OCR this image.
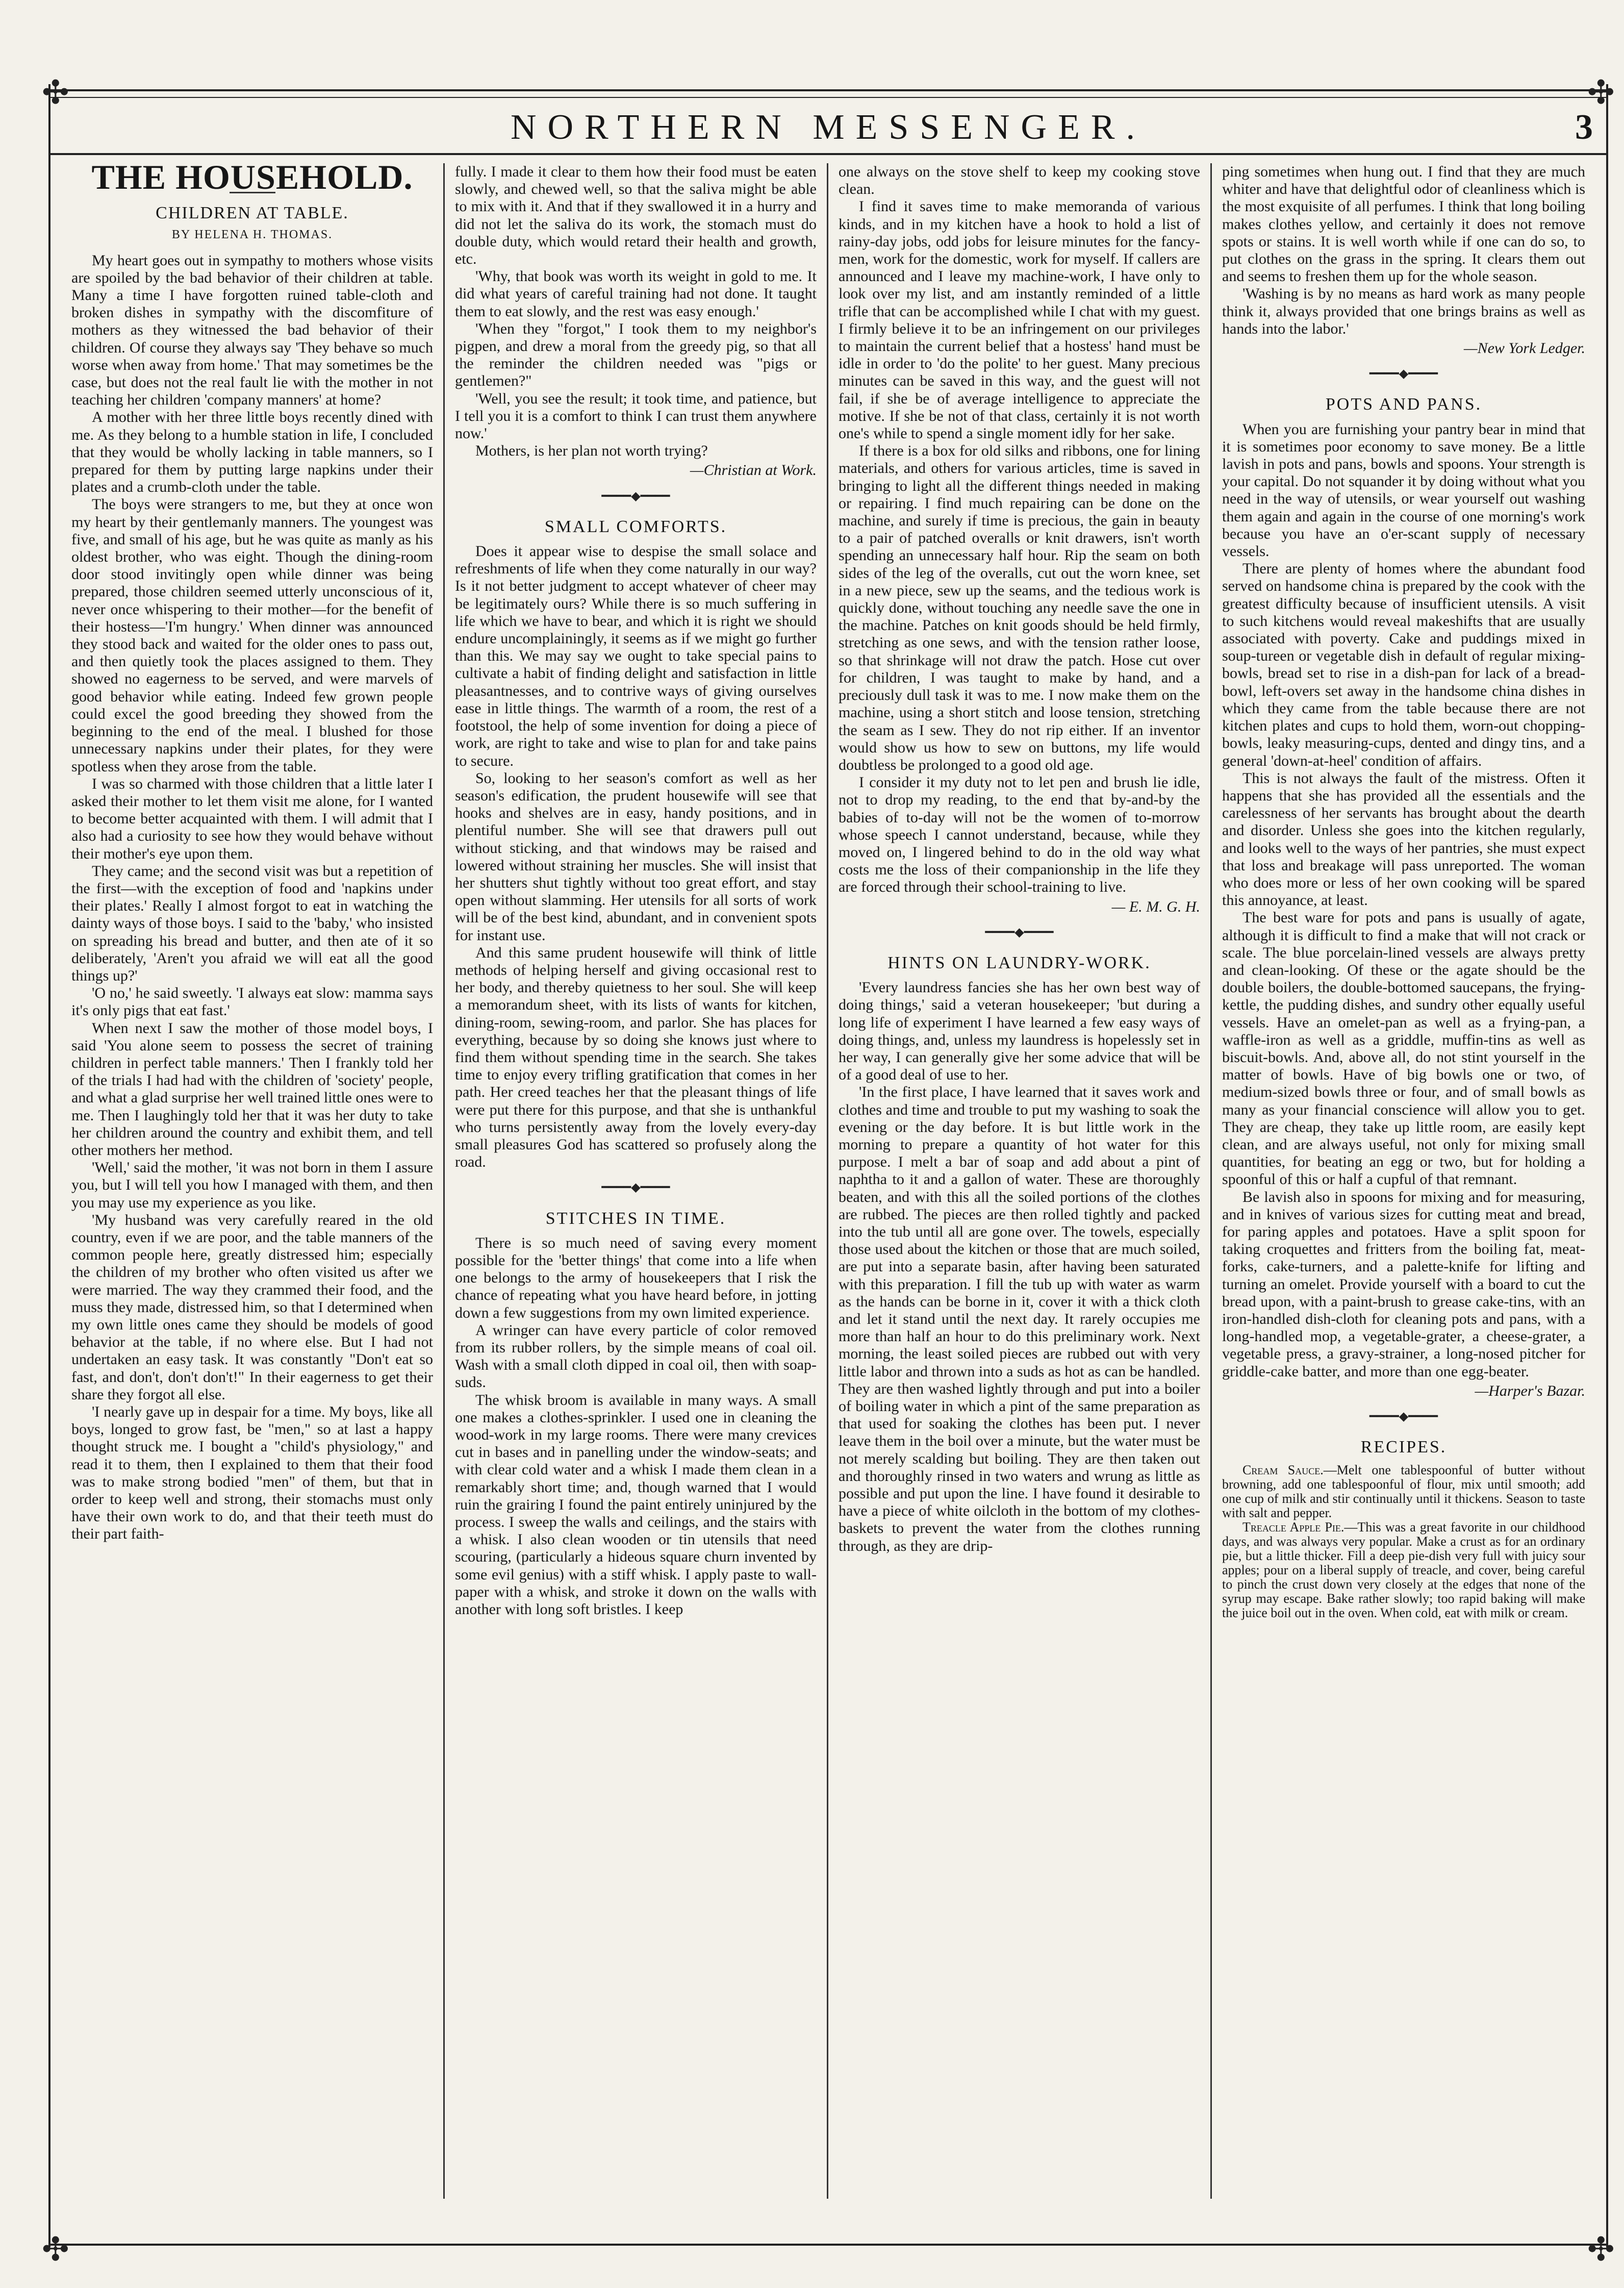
✣	✣
✣	✣
NORTHERN MESSENGER.	3
THE HOUSEHOLD.
CHILDREN AT TABLE.
BY HELENA H. THOMAS.

My heart goes out in sympathy to mothers whose visits are spoiled by the bad behavior of their children at table. Many a time I have forgotten ruined table-cloth and broken dishes in sympathy with the discomfiture of mothers as they witnessed the bad behavior of their children. Of course they always say 'They behave so much worse when away from home.' That may sometimes be the case, but does not the real fault lie with the mother in not teaching her children 'company manners' at home?

A mother with her three little boys recently dined with me. As they belong to a humble station in life, I concluded that they would be wholly lacking in table manners, so I prepared for them by putting large napkins under their plates and a crumb-cloth under the table.

The boys were strangers to me, but they at once won my heart by their gentlemanly manners. The youngest was five, and small of his age, but he was quite as manly as his oldest brother, who was eight. Though the dining-room door stood invitingly open while dinner was being prepared, those children seemed utterly unconscious of it, never once whispering to their mother—for the benefit of their hostess—'I'm hungry.' When dinner was announced they stood back and waited for the older ones to pass out, and then quietly took the places assigned to them. They showed no eagerness to be served, and were marvels of good behavior while eating. Indeed few grown people could excel the good breeding they showed from the beginning to the end of the meal. I blushed for those unnecessary napkins under their plates, for they were spotless when they arose from the table.

I was so charmed with those children that a little later I asked their mother to let them visit me alone, for I wanted to become better acquainted with them. I will admit that I also had a curiosity to see how they would behave without their mother's eye upon them.

They came; and the second visit was but a repetition of the first—with the exception of food and 'napkins under their plates.' Really I almost forgot to eat in watching the dainty ways of those boys. I said to the 'baby,' who insisted on spreading his bread and butter, and then ate of it so deliberately, 'Aren't you afraid we will eat all the good things up?'

'O no,' he said sweetly. 'I always eat slow: mamma says it's only pigs that eat fast.'

When next I saw the mother of those model boys, I said 'You alone seem to possess the secret of training children in perfect table manners.' Then I frankly told her of the trials I had had with the children of 'society' people, and what a glad surprise her well trained little ones were to me. Then I laughingly told her that it was her duty to take her children around the country and exhibit them, and tell other mothers her method.

'Well,' said the mother, 'it was not born in them I assure you, but I will tell you how I managed with them, and then you may use my experience as you like.

'My husband was very carefully reared in the old country, even if we are poor, and the table manners of the common people here, greatly distressed him; especially the children of my brother who often visited us after we were married. The way they crammed their food, and the muss they made, distressed him, so that I determined when my own little ones came they should be models of good behavior at the table, if no where else. But I had not undertaken an easy task. It was constantly "Don't eat so fast, and don't, don't don't!" In their eagerness to get their share they forgot all else.

'I nearly gave up in despair for a time. My boys, like all boys, longed to grow fast, be "men," so at last a happy thought struck me. I bought a "child's physiology," and read it to them, then I explained to them that their food was to make strong bodied "men" of them, but that in order to keep well and strong, their stomachs must only have their own work to do, and that their teeth must do their part faith-

fully. I made it clear to them how their food must be eaten slowly, and chewed well, so that the saliva might be able to mix with it. And that if they swallowed it in a hurry and did not let the saliva do its work, the stomach must do double duty, which would retard their health and growth, etc.

'Why, that book was worth its weight in gold to me. It did what years of careful training had not done. It taught them to eat slowly, and the rest was easy enough.'

'When they "forgot," I took them to my neighbor's pigpen, and drew a moral from the greedy pig, so that all the reminder the children needed was "pigs or gentlemen?"

'Well, you see the result; it took time, and patience, but I tell you it is a comfort to think I can trust them anywhere now.'

Mothers, is her plan not worth trying?

—Christian at Work.
━━━━◆━━━━
SMALL COMFORTS.

Does it appear wise to despise the small solace and refreshments of life when they come naturally in our way? Is it not better judgment to accept whatever of cheer may be legitimately ours? While there is so much suffering in life which we have to bear, and which it is right we should endure uncomplainingly, it seems as if we might go further than this. We may say we ought to take special pains to cultivate a habit of finding delight and satisfaction in little pleasantnesses, and to contrive ways of giving ourselves ease in little things. The warmth of a room, the rest of a footstool, the help of some invention for doing a piece of work, are right to take and wise to plan for and take pains to secure.

So, looking to her season's comfort as well as her season's edification, the prudent housewife will see that hooks and shelves are in easy, handy positions, and in plentiful number. She will see that drawers pull out without sticking, and that windows may be raised and lowered without straining her muscles. She will insist that her shutters shut tightly without too great effort, and stay open without slamming. Her utensils for all sorts of work will be of the best kind, abundant, and in convenient spots for instant use.

And this same prudent housewife will think of little methods of helping herself and giving occasional rest to her body, and thereby quietness to her soul. She will keep a memorandum sheet, with its lists of wants for kitchen, dining-room, sewing-room, and parlor. She has places for everything, because by so doing she knows just where to find them without spending time in the search. She takes time to enjoy every trifling gratification that comes in her path. Her creed teaches her that the pleasant things of life were put there for this purpose, and that she is unthankful who turns persistently away from the lovely every-day small pleasures God has scattered so profusely along the road.

━━━━◆━━━━
STITCHES IN TIME.

There is so much need of saving every moment possible for the 'better things' that come into a life when one belongs to the army of housekeepers that I risk the chance of repeating what you have heard before, in jotting down a few suggestions from my own limited experience.

A wringer can have every particle of color removed from its rubber rollers, by the simple means of coal oil. Wash with a small cloth dipped in coal oil, then with soap-suds.

The whisk broom is available in many ways. A small one makes a clothes-sprinkler. I used one in cleaning the wood-work in my large rooms. There were many crevices cut in bases and in panelling under the window-seats; and with clear cold water and a whisk I made them clean in a remarkably short time; and, though warned that I would ruin the grairing I found the paint entirely uninjured by the process. I sweep the walls and ceilings, and the stairs with a whisk. I also clean wooden or tin utensils that need scouring, (particularly a hideous square churn invented by some evil genius) with a stiff whisk. I apply paste to wall-paper with a whisk, and stroke it down on the walls with another with long soft bristles. I keep

one always on the stove shelf to keep my cooking stove clean.

I find it saves time to make memoranda of various kinds, and in my kitchen have a hook to hold a list of rainy-day jobs, odd jobs for leisure minutes for the fancy-men, work for the domestic, work for myself. If callers are announced and I leave my machine-work, I have only to look over my list, and am instantly reminded of a little trifle that can be accomplished while I chat with my guest. I firmly believe it to be an infringement on our privileges to maintain the current belief that a hostess' hand must be idle in order to 'do the polite' to her guest. Many precious minutes can be saved in this way, and the guest will not fail, if she be of average intelligence to appreciate the motive. If she be not of that class, certainly it is not worth one's while to spend a single moment idly for her sake.

If there is a box for old silks and ribbons, one for lining materials, and others for various articles, time is saved in bringing to light all the different things needed in making or repairing. I find much repairing can be done on the machine, and surely if time is precious, the gain in beauty to a pair of patched overalls or knit drawers, isn't worth spending an unnecessary half hour. Rip the seam on both sides of the leg of the overalls, cut out the worn knee, set in a new piece, sew up the seams, and the tedious work is quickly done, without touching any needle save the one in the machine. Patches on knit goods should be held firmly, stretching as one sews, and with the tension rather loose, so that shrinkage will not draw the patch. Hose cut over for children, I was taught to make by hand, and a preciously dull task it was to me. I now make them on the machine, using a short stitch and loose tension, stretching the seam as I sew. They do not rip either. If an inventor would show us how to sew on buttons, my life would doubtless be prolonged to a good old age.

I consider it my duty not to let pen and brush lie idle, not to drop my reading, to the end that by-and-by the babies of to-day will not be the women of to-morrow whose speech I cannot understand, because, while they moved on, I lingered behind to do in the old way what costs me the loss of their companionship in the life they are forced through their school-training to live.

— E. M. G. H.
━━━━◆━━━━
HINTS ON LAUNDRY-WORK.

'Every laundress fancies she has her own best way of doing things,' said a veteran housekeeper; 'but during a long life of experiment I have learned a few easy ways of doing things, and, unless my laundress is hopelessly set in her way, I can generally give her some advice that will be of a good deal of use to her.

'In the first place, I have learned that it saves work and clothes and time and trouble to put my washing to soak the evening or the day before. It is but little work in the morning to prepare a quantity of hot water for this purpose. I melt a bar of soap and add about a pint of naphtha to it and a gallon of water. These are thoroughly beaten, and with this all the soiled portions of the clothes are rubbed. The pieces are then rolled tightly and packed into the tub until all are gone over. The towels, especially those used about the kitchen or those that are much soiled, are put into a separate basin, after having been saturated with this preparation. I fill the tub up with water as warm as the hands can be borne in it, cover it with a thick cloth and let it stand until the next day. It rarely occupies me more than half an hour to do this preliminary work. Next morning, the least soiled pieces are rubbed out with very little labor and thrown into a suds as hot as can be handled. They are then washed lightly through and put into a boiler of boiling water in which a pint of the same preparation as that used for soaking the clothes has been put. I never leave them in the boil over a minute, but the water must be not merely scalding but boiling. They are then taken out and thoroughly rinsed in two waters and wrung as little as possible and put upon the line. I have found it desirable to have a piece of white oilcloth in the bottom of my clothes-baskets to prevent the water from the clothes running through, as they are drip-

ping sometimes when hung out. I find that they are much whiter and have that delightful odor of cleanliness which is the most exquisite of all perfumes. I think that long boiling makes clothes yellow, and certainly it does not remove spots or stains. It is well worth while if one can do so, to put clothes on the grass in the spring. It clears them out and seems to freshen them up for the whole season.

'Washing is by no means as hard work as many people think it, always provided that one brings brains as well as hands into the labor.'

—New York Ledger.
━━━━◆━━━━
POTS AND PANS.

When you are furnishing your pantry bear in mind that it is sometimes poor economy to save money. Be a little lavish in pots and pans, bowls and spoons. Your strength is your capital. Do not squander it by doing without what you need in the way of utensils, or wear yourself out washing them again and again in the course of one morning's work because you have an o'er-scant supply of necessary vessels.

There are plenty of homes where the abundant food served on handsome china is prepared by the cook with the greatest difficulty because of insufficient utensils. A visit to such kitchens would reveal makeshifts that are usually associated with poverty. Cake and puddings mixed in soup-tureen or vegetable dish in default of regular mixing-bowls, bread set to rise in a dish-pan for lack of a bread-bowl, left-overs set away in the handsome china dishes in which they came from the table because there are not kitchen plates and cups to hold them, worn-out chopping-bowls, leaky measuring-cups, dented and dingy tins, and a general 'down-at-heel' condition of affairs.

This is not always the fault of the mistress. Often it happens that she has provided all the essentials and the carelessness of her servants has brought about the dearth and disorder. Unless she goes into the kitchen regularly, and looks well to the ways of her pantries, she must expect that loss and breakage will pass unreported. The woman who does more or less of her own cooking will be spared this annoyance, at least.

The best ware for pots and pans is usually of agate, although it is difficult to find a make that will not crack or scale. The blue porcelain-lined vessels are always pretty and clean-looking. Of these or the agate should be the double boilers, the double-bottomed saucepans, the frying-kettle, the pudding dishes, and sundry other equally useful vessels. Have an omelet-pan as well as a frying-pan, a waffle-iron as well as a griddle, muffin-tins as well as biscuit-bowls. And, above all, do not stint yourself in the matter of bowls. Have of big bowls one or two, of medium-sized bowls three or four, and of small bowls as many as your financial conscience will allow you to get. They are cheap, they take up little room, are easily kept clean, and are always useful, not only for mixing small quantities, for beating an egg or two, but for holding a spoonful of this or half a cupful of that remnant.

Be lavish also in spoons for mixing and for measuring, and in knives of various sizes for cutting meat and bread, for paring apples and potatoes. Have a split spoon for taking croquettes and fritters from the boiling fat, meat-forks, cake-turners, and a palette-knife for lifting and turning an omelet. Provide yourself with a board to cut the bread upon, with a paint-brush to grease cake-tins, with an iron-handled dish-cloth for cleaning pots and pans, with a long-handled mop, a vegetable-grater, a cheese-grater, a vegetable press, a gravy-strainer, a long-nosed pitcher for griddle-cake batter, and more than one egg-beater.

—Harper's Bazar.
━━━━◆━━━━
RECIPES.

Cream Sauce.—Melt one tablespoonful of butter without browning, add one tablespoonful of flour, mix until smooth; add one cup of milk and stir continually until it thickens. Season to taste with salt and pepper.

Treacle Apple Pie.—This was a great favorite in our childhood days, and was always very popular. Make a crust as for an ordinary pie, but a little thicker. Fill a deep pie-dish very full with juicy sour apples; pour on a liberal supply of treacle, and cover, being careful to pinch the crust down very closely at the edges that none of the syrup may escape. Bake rather slowly; too rapid baking will make the juice boil out in the oven. When cold, eat with milk or cream.
